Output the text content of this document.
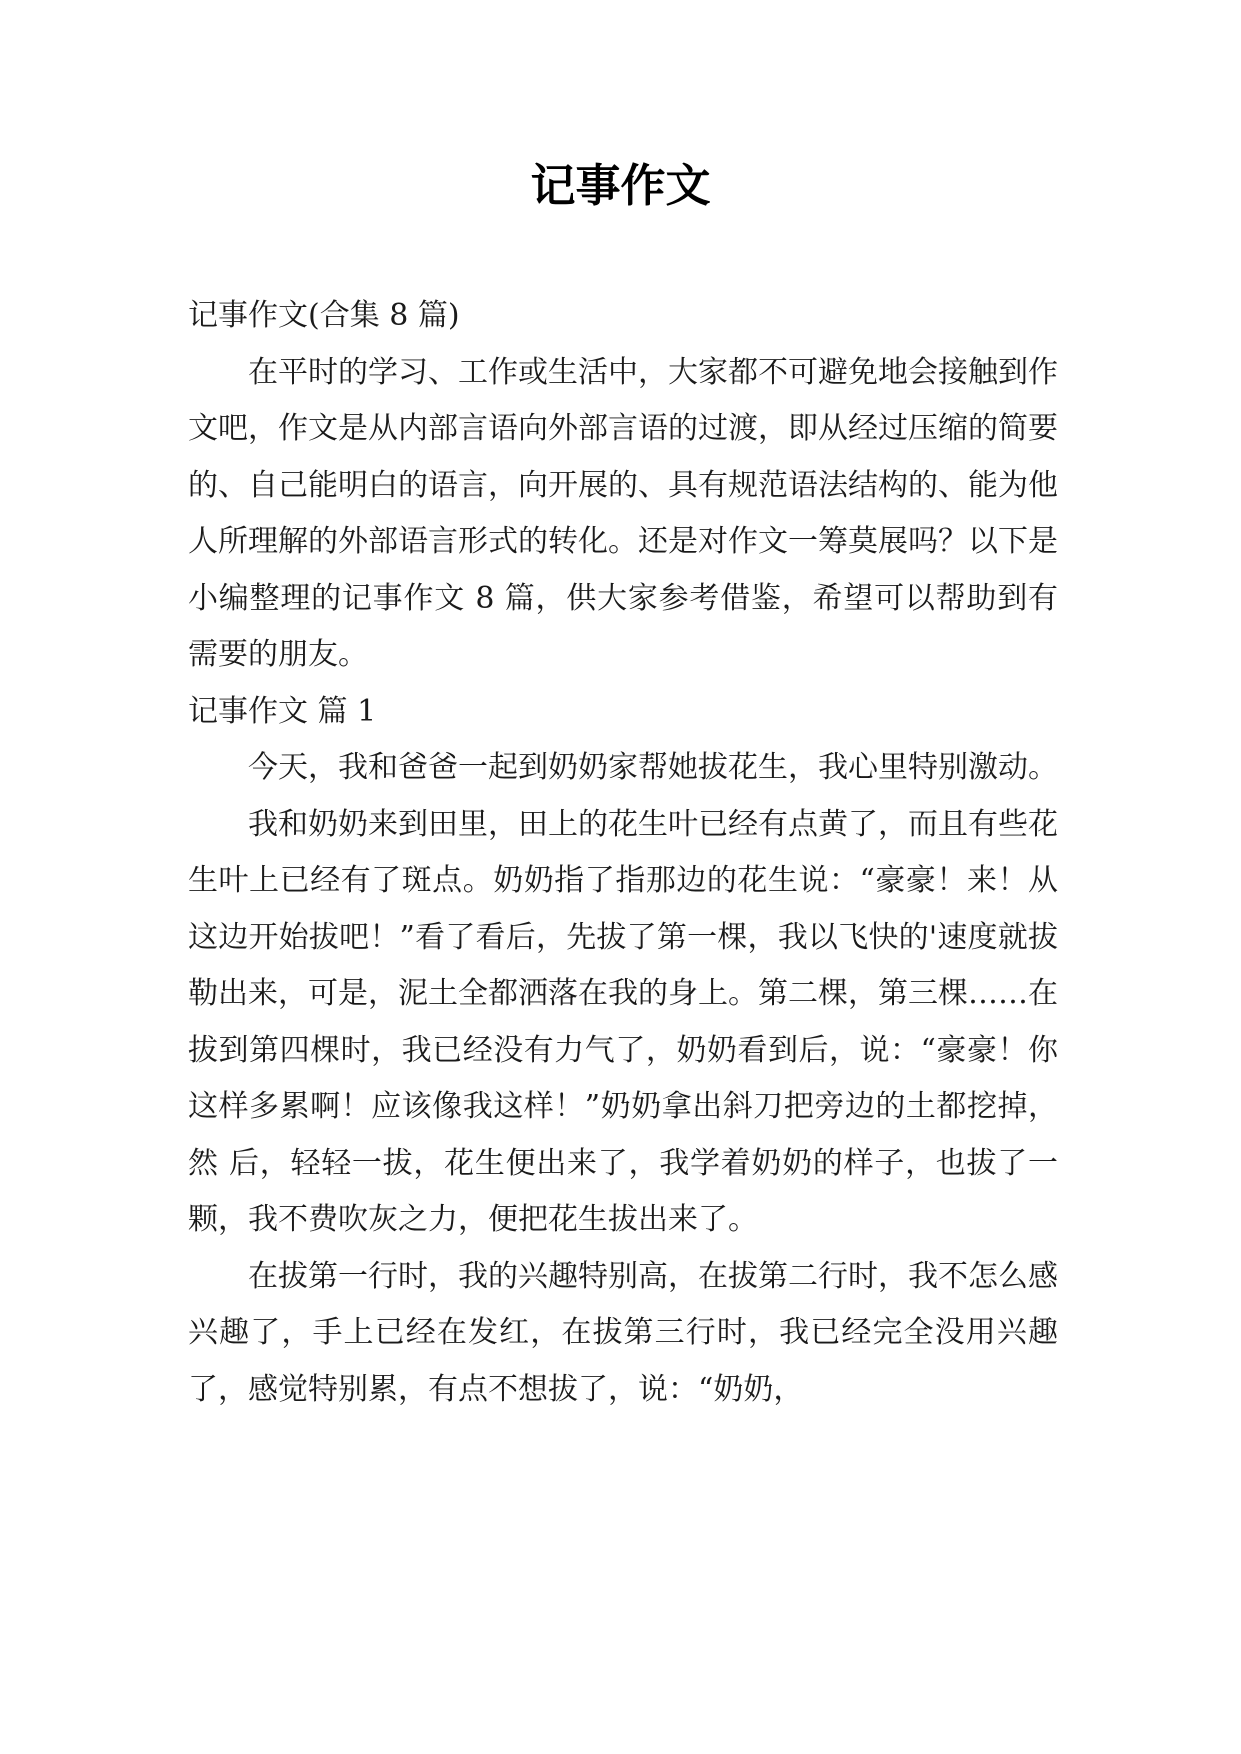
记事作文

记事作文(合集 8 篇)

在平时的学习、工作或生活中，大家都不可避免地会接触到作文吧，作文是从内部言语向外部言语的过渡，即从经过压缩的简要的、自己能明白的语言，向开展的、具有规范语法结构的、能为他人所理解的外部语言形式的转化。还是对作文一筹莫展吗？以下是小编整理的记事作文 8 篇，供大家参考借鉴，希望可以帮助到有需要的朋友。

记事作文 篇 1

今天，我和爸爸一起到奶奶家帮她拔花生，我心里特别激动。

我和奶奶来到田里，田上的花生叶已经有点黄了，而且有些花生叶上已经有了斑点。奶奶指了指那边的花生说：“豪豪！来！从这边开始拔吧！”看了看后，先拔了第一棵，我以飞快的'速度就拔 勒出来，可是，泥土全都洒落在我的身上。第二棵，第三棵……在拔到第四棵时，我已经没有力气了，奶奶看到后，说：“豪豪！你这样多累啊！应该像我这样！”奶奶拿出斜刀把旁边的土都挖掉，然 后，轻轻一拔，花生便出来了，我学着奶奶的样子，也拔了一颗，我不费吹灰之力，便把花生拔出来了。

在拔第一行时，我的兴趣特别高，在拔第二行时，我不怎么感兴趣了，手上已经在发红，在拔第三行时，我已经完全没用兴趣了，感觉特别累，有点不想拔了，说：“奶奶，
